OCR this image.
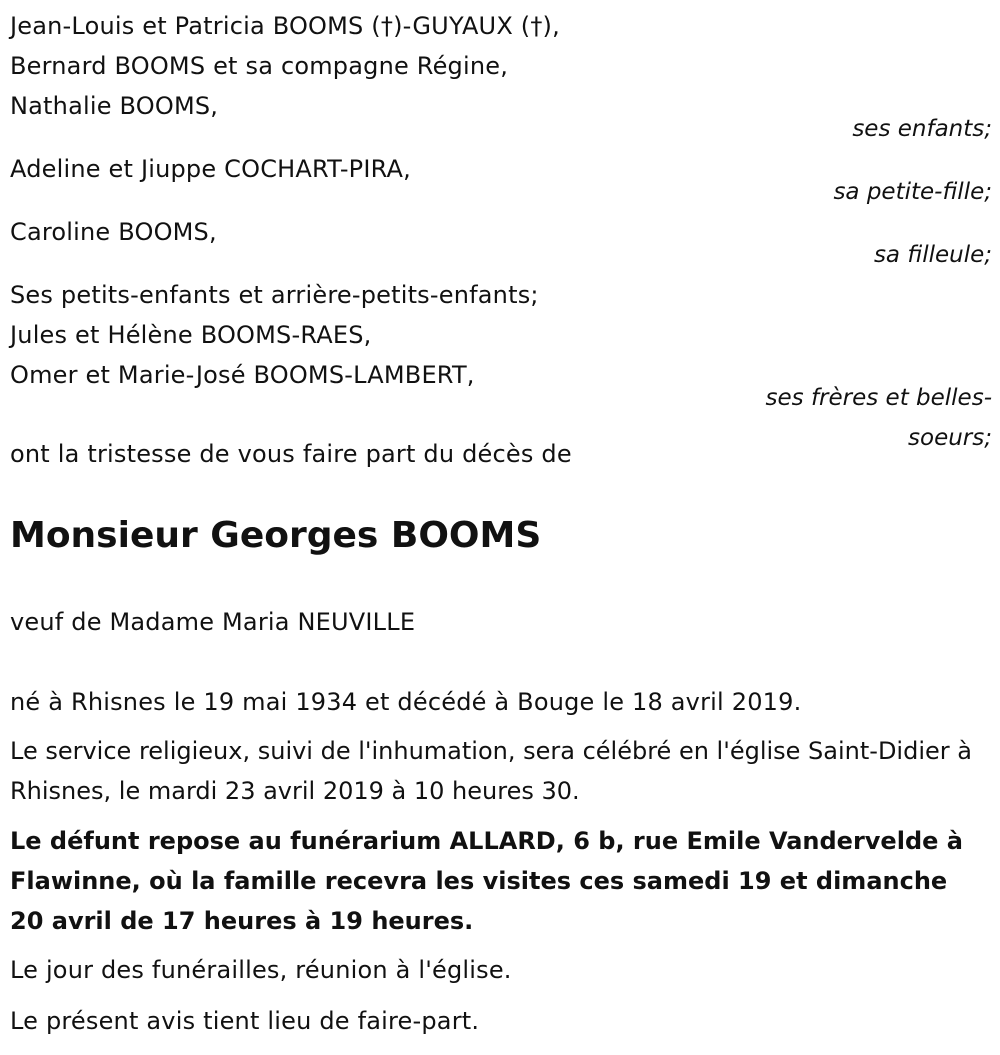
Jean-Louis et Patricia BOOMS (†)-GUYAUX (†),
Bernard BOOMS et sa compagne Régine,
Nathalie BOOMS,
ses enfants;
Adeline et Jiuppe COCHART-PIRA,
sa petite-fille;
Caroline BOOMS,
sa filleule;
Ses petits-enfants et arrière-petits-enfants;
Jules et Hélène BOOMS-RAES,
Omer et Marie-José BOOMS-LAMBERT,
ses frères et belles-
soeurs;
ont la tristesse de vous faire part du décès de
Monsieur Georges BOOMS
veuf de Madame Maria NEUVILLE
né à Rhisnes le 19 mai 1934 et décédé à Bouge le 18 avril 2019.
Le service religieux, suivi de l'inhumation, sera célébré en l'église Saint-Didier à Rhisnes, le mardi 23 avril 2019 à 10 heures 30.
Le défunt repose au funérarium ALLARD, 6 b, rue Emile Vandervelde à Flawinne, où la famille recevra les visites ces samedi 19 et dimanche 20 avril de 17 heures à 19 heures.
Le jour des funérailles, réunion à l'église.
Le présent avis tient lieu de faire-part.
